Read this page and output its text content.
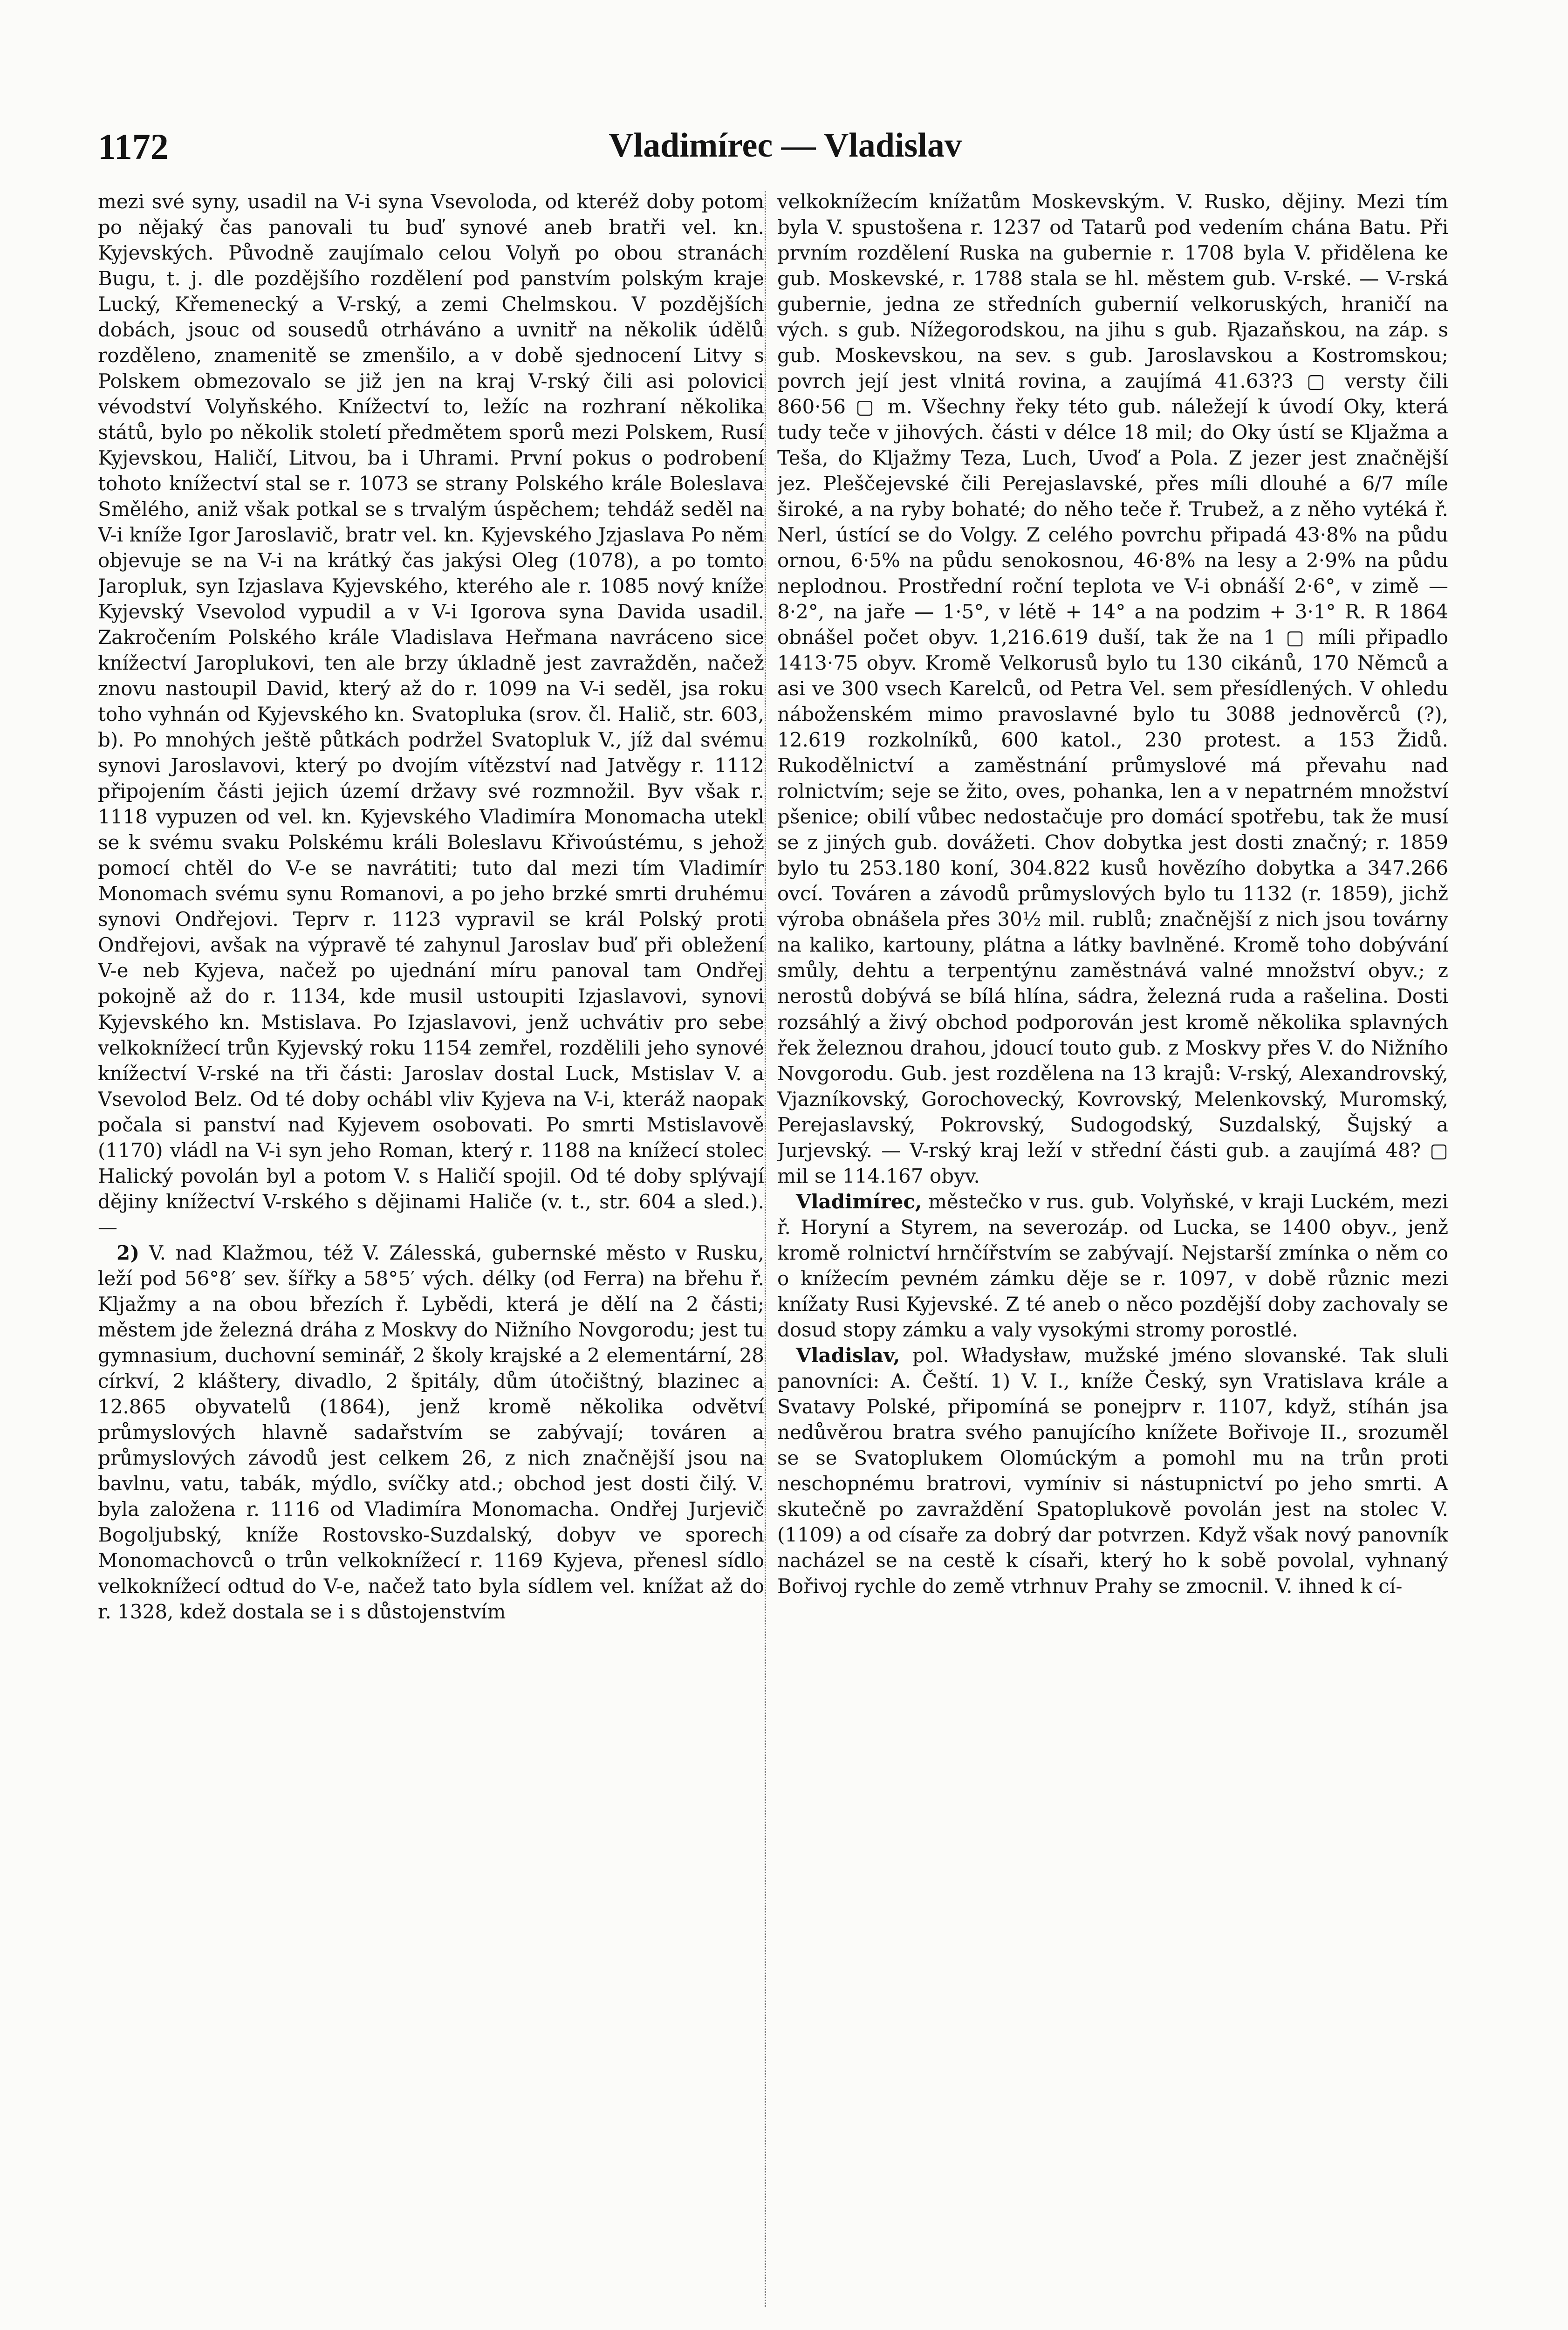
1172	Vladimírec — Vladislav

mezi své syny, usadil na V-i syna Vsevoloda, od kteréž doby potom po nějaký čas panovali tu buď synové aneb bratři vel. kn. Kyjevských. Původně zaujímalo celou Volyň po obou stranách Bugu, t. j. dle pozdějšího rozdělení pod panstvím polským kraje Lucký, Křemenecký a V-rský, a zemi Chelmskou. V pozdějších dobách, jsouc od sousedů otrháváno a uvnitř na několik údělů rozděleno, znamenitě se zmenšilo, a v době sjednocení Litvy s Polskem obmezovalo se již jen na kraj V-rský čili asi polovici vévodství Volyňského. Knížectví to, ležíc na rozhraní několika států, bylo po několik století předmětem sporů mezi Polskem, Rusí Kyjevskou, Haličí, Litvou, ba i Uhrami. První pokus o podrobení tohoto knížectví stal se r. 1073 se strany Polského krále Boleslava Smělého, aniž však potkal se s trvalým úspěchem; tehdáž seděl na V-i kníže Igor Jaroslavič, bratr vel. kn. Kyjevského Jzjaslava Po něm objevuje se na V-i na krátký čas jakýsi Oleg (1078), a po tomto Jaropluk, syn Izjaslava Kyjevského, kterého ale r. 1085 nový kníže Kyjevský Vsevolod vypudil a v V-i Igorova syna Davida usadil. Zakročením Polského krále Vladislava Heřmana navráceno sice knížectví Jaroplukovi, ten ale brzy úkladně jest zavražděn, načež znovu nastoupil David, který až do r. 1099 na V-i seděl, jsa roku toho vyhnán od Kyjevského kn. Svatopluka (srov. čl. Halič, str. 603, b). Po mnohých ještě půtkách podržel Svatopluk V., jíž dal svému synovi Jaroslavovi, který po dvojím vítězství nad Jatvěgy r. 1112 připojením části jejich území državy své rozmnožil. Byv však r. 1118 vypuzen od vel. kn. Kyjevského Vladimíra Monomacha utekl se k svému svaku Polskému králi Boleslavu Křivoústému, s jehož pomocí chtěl do V-e se navrátiti; tuto dal mezi tím Vladimír Monomach svému synu Romanovi, a po jeho brzké smrti druhému synovi Ondřejovi. Teprv r. 1123 vypravil se král Polský proti Ondřejovi, avšak na výpravě té zahynul Jaroslav buď při obležení V-e neb Kyjeva, načež po ujednání míru panoval tam Ondřej pokojně až do r. 1134, kde musil ustoupiti Izjaslavovi, synovi Kyjevského kn. Mstislava. Po Izjaslavovi, jenž uchvátiv pro sebe velkoknížecí trůn Kyjevský roku 1154 zemřel, rozdělili jeho synové knížectví V-rské na tři části: Jaroslav dostal Luck, Mstislav V. a Vsevolod Belz. Od té doby ochábl vliv Kyjeva na V-i, kteráž naopak počala si panství nad Kyjevem osobovati. Po smrti Mstislavově (1170) vládl na V-i syn jeho Roman, který r. 1188 na knížecí stolec Halický povolán byl a potom V. s Haličí spojil. Od té doby splývají dějiny knížectví V-rského s dějinami Haliče (v. t., str. 604 a sled.). —

2) V. nad Klažmou, též V. Zálesská, gubernské město v Rusku, leží pod 56°8′ sev. šířky a 58°5′ vých. délky (od Ferra) na břehu ř. Kljažmy a na obou březích ř. Lybědi, která je dělí na 2 části; městem jde železná dráha z Moskvy do Nižního Novgorodu; jest tu gymnasium, duchovní seminář, 2 školy krajské a 2 elementární, 28 církví, 2 kláštery, divadlo, 2 špitály, dům útočištný, blazinec a 12.865 obyvatelů (1864), jenž kromě několika odvětví průmyslových hlavně sadařstvím se zabývají; továren a průmyslových závodů jest celkem 26, z nich značnější jsou na bavlnu, vatu, tabák, mýdlo, svíčky atd.; obchod jest dosti čilý. V. byla založena r. 1116 od Vladimíra Monomacha. Ondřej Jurjevič Bogoljubský, kníže Rostovsko-Suzdalský, dobyv ve sporech Monomachovců o trůn velkoknížecí r. 1169 Kyjeva, přenesl sídlo velkoknížecí odtud do V-e, načež tato byla sídlem vel. knížat až do r. 1328, kdež dostala se i s důstojenstvím

velkoknížecím knížatům Moskevským. V. Rusko, dějiny. Mezi tím byla V. spustošena r. 1237 od Tatarů pod vedením chána Batu. Při prvním rozdělení Ruska na gubernie r. 1708 byla V. přidělena ke gub. Moskevské, r. 1788 stala se hl. městem gub. V-rské. — V-rská gubernie, jedna ze středních gubernií velkoruských, hraničí na vých. s gub. Nížegorodskou, na jihu s gub. Rjazaňskou, na záp. s gub. Moskevskou, na sev. s gub. Jaroslavskou a Kostromskou; povrch její jest vlnitá rovina, a zaujímá 41.63?3 ▢ versty čili 860·56 ▢ m. Všechny řeky této gub. náležejí k úvodí Oky, která tudy teče v jihových. části v délce 18 mil; do Oky ústí se Kljažma a Teša, do Kljažmy Teza, Luch, Uvoď a Pola. Z jezer jest značnější jez. Pleščejevské čili Perejaslavské, přes míli dlouhé a 6/7 míle široké, a na ryby bohaté; do něho teče ř. Trubež, a z něho vytéká ř. Nerl, ústící se do Volgy. Z celého povrchu připadá 43·8% na půdu ornou, 6·5% na půdu senokosnou, 46·8% na lesy a 2·9% na půdu neplodnou. Prostřední roční teplota ve V-i obnáší 2·6°, v zimě — 8·2°, na jaře — 1·5°, v létě + 14° a na podzim + 3·1° R. R 1864 obnášel počet obyv. 1,216.619 duší, tak že na 1 ▢ míli připadlo 1413·75 obyv. Kromě Velkorusů bylo tu 130 cikánů, 170 Němců a asi ve 300 vsech Karelců, od Petra Vel. sem přesídlených. V ohledu náboženském mimo pravoslavné bylo tu 3088 jednověrců (?), 12.619 rozkolníků, 600 katol., 230 protest. a 153 Židů. Rukodělnictví a zaměstnání průmyslové má převahu nad rolnictvím; seje se žito, oves, pohanka, len a v nepatrném množství pšenice; obilí vůbec nedostačuje pro domácí spotřebu, tak že musí se z jiných gub. dovážeti. Chov dobytka jest dosti značný; r. 1859 bylo tu 253.180 koní, 304.822 kusů hovězího dobytka a 347.266 ovcí. Továren a závodů průmyslových bylo tu 1132 (r. 1859), jichž výroba obnášela přes 30½ mil. rublů; značnější z nich jsou továrny na kaliko, kartouny, plátna a látky bavlněné. Kromě toho dobývání smůly, dehtu a terpentýnu zaměstnává valné množství obyv.; z nerostů dobývá se bílá hlína, sádra, železná ruda a rašelina. Dosti rozsáhlý a živý obchod podporován jest kromě několika splavných řek železnou drahou, jdoucí touto gub. z Moskvy přes V. do Nižního Novgorodu. Gub. jest rozdělena na 13 krajů: V-rský, Alexandrovský, Vjazníkovský, Gorochovecký, Kovrovský, Melenkovský, Muromský, Perejaslavský, Pokrovský, Sudogodský, Suzdalský, Šujský a Jurjevský. — V-rský kraj leží v střední části gub. a zaujímá 48? ▢ mil se 114.167 obyv.

Vladimírec, městečko v rus. gub. Volyňské, v kraji Luckém, mezi ř. Horyní a Styrem, na severozáp. od Lucka, se 1400 obyv., jenž kromě rolnictví hrnčířstvím se zabývají. Nejstarší zmínka o něm co o knížecím pevném zámku děje se r. 1097, v době různic mezi knížaty Rusi Kyjevské. Z té aneb o něco pozdější doby zachovaly se dosud stopy zámku a valy vysokými stromy porostlé.

Vladislav, pol. Władysław, mužské jméno slovanské. Tak sluli panovníci: A. Čeští. 1) V. I., kníže Český, syn Vratislava krále a Svatavy Polské, připomíná se ponejprv r. 1107, když, stíhán jsa nedůvěrou bratra svého panujícího knížete Bořivoje II., srozuměl se se Svatoplukem Olomúckým a pomohl mu na trůn proti neschopnému bratrovi, vymíniv si nástupnictví po jeho smrti. A skutečně po zavraždění Spatoplukově povolán jest na stolec V. (1109) a od císaře za dobrý dar potvrzen. Když však nový panovník nacházel se na cestě k císaři, který ho k sobě povolal, vyhnaný Bořivoj rychle do země vtrhnuv Prahy se zmocnil. V. ihned k cí-
